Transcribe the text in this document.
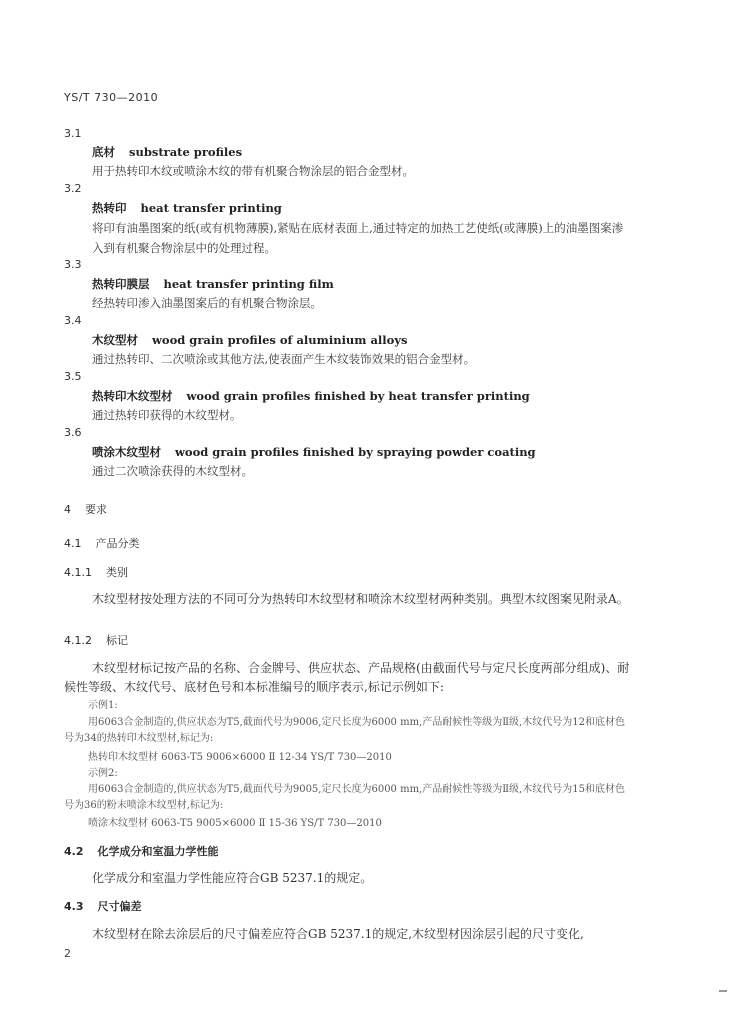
YS/T 730—2010
3.1
底材 substrate profiles
用于热转印木纹或喷涂木纹的带有机聚合物涂层的铝合金型材。
3.2
热转印 heat transfer printing
将印有油墨图案的纸(或有机物薄膜),紧贴在底材表面上,通过特定的加热工艺使纸(或薄膜)上的油墨图案渗入到有机聚合物涂层中的处理过程。
3.3
热转印膜层 heat transfer printing film
经热转印渗入油墨图案后的有机聚合物涂层。
3.4
木纹型材 wood grain profiles of aluminium alloys
通过热转印、二次喷涂或其他方法,使表面产生木纹装饰效果的铝合金型材。
3.5
热转印木纹型材 wood grain profiles finished by heat transfer printing
通过热转印获得的木纹型材。
3.6
喷涂木纹型材 wood grain profiles finished by spraying powder coating
通过二次喷涂获得的木纹型材。
4 要求
4.1 产品分类
4.1.1 类别
木纹型材按处理方法的不同可分为热转印木纹型材和喷涂木纹型材两种类别。典型木纹图案见附录A。
4.1.2 标记
木纹型材标记按产品的名称、合金牌号、供应状态、产品规格(由截面代号与定尺长度两部分组成)、耐候性等级、木纹代号、底材色号和本标准编号的顺序表示,标记示例如下:
示例1:
用6063合金制造的,供应状态为T5,截面代号为9006,定尺长度为6000 mm,产品耐候性等级为Ⅱ级,木纹代号为12和底材色号为34的热转印木纹型材,标记为:
热转印木纹型材 6063-T5 9006×6000 Ⅱ 12-34 YS/T 730—2010
示例2:
用6063合金制造的,供应状态为T5,截面代号为9005,定尺长度为6000 mm,产品耐候性等级为Ⅱ级,木纹代号为15和底材色号为36的粉末喷涂木纹型材,标记为:
喷涂木纹型材 6063-T5 9005×6000 Ⅱ 15-36 YS/T 730—2010
4.2 化学成分和室温力学性能
化学成分和室温力学性能应符合GB 5237.1的规定。
4.3 尺寸偏差
木纹型材在除去涂层后的尺寸偏差应符合GB 5237.1的规定,木纹型材因涂层引起的尺寸变化,
2
